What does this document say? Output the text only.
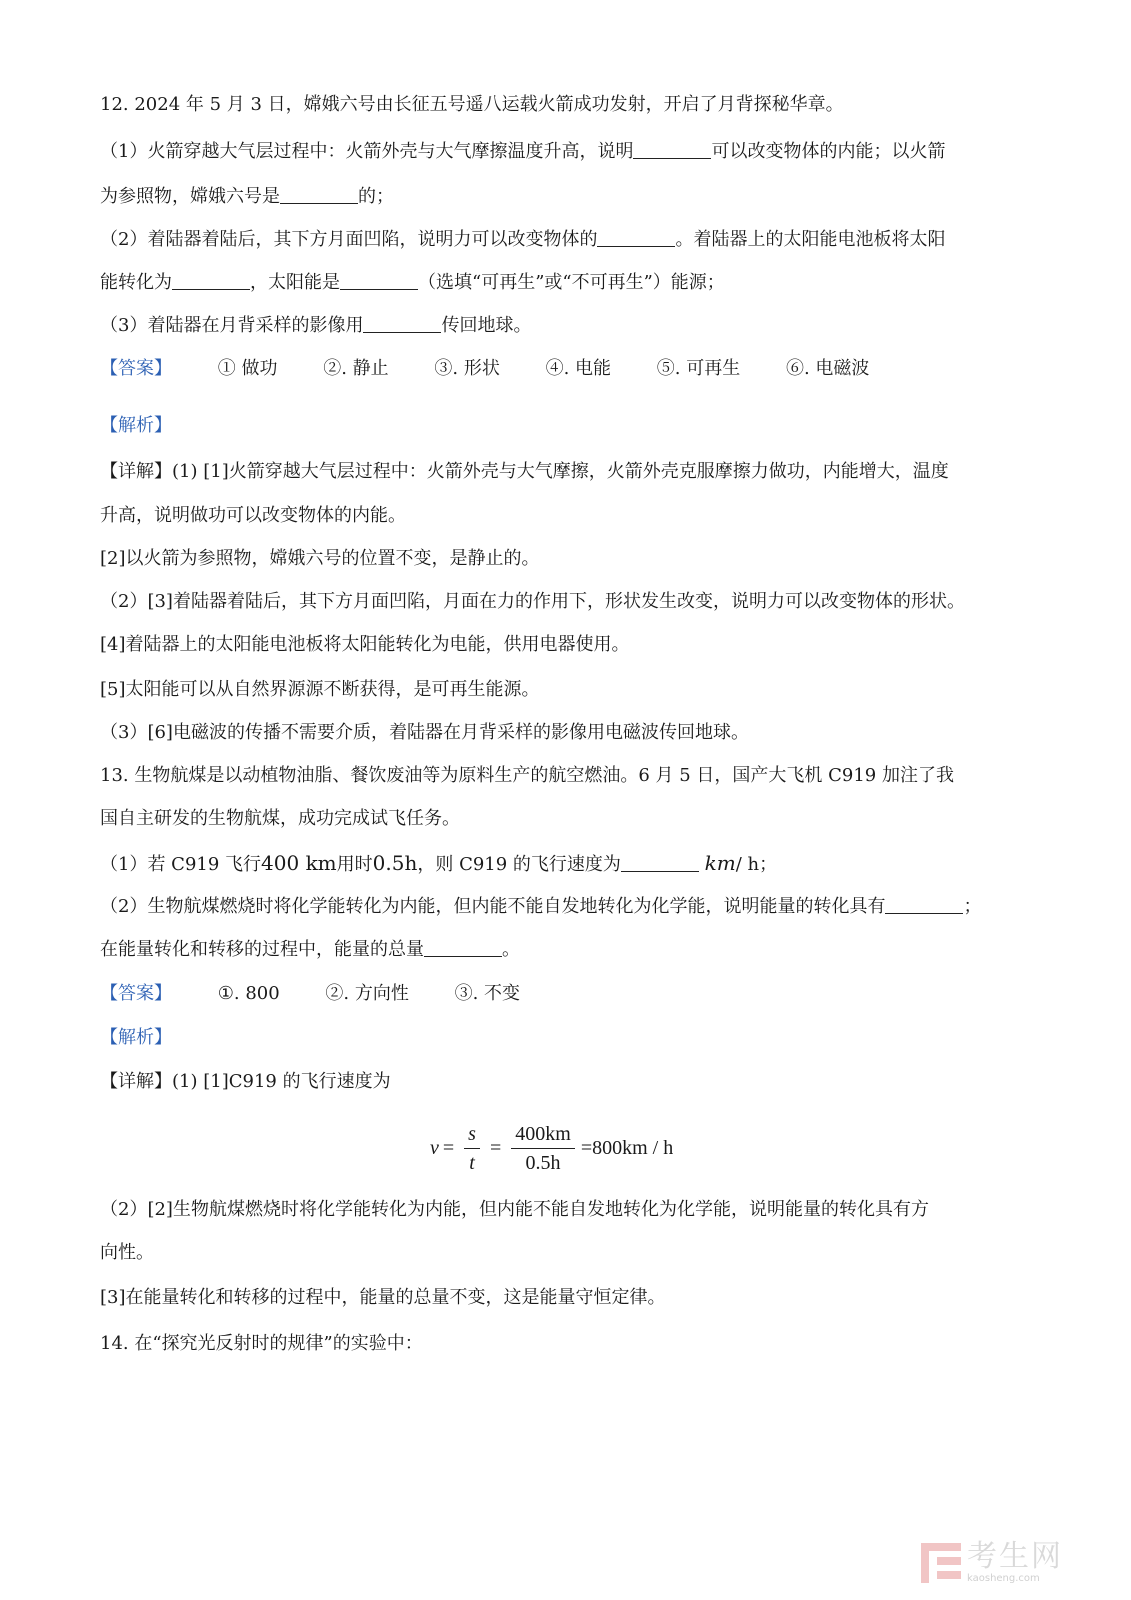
12. 2024 年 5 月 3 日，嫦娥六号由长征五号遥八运载火箭成功发射，开启了月背探秘华章。
（1）火箭穿越大气层过程中：火箭外壳与大气摩擦温度升高，说明	可以改变物体的内能；以火箭
为参照物，嫦娥六号是	的；
（2）着陆器着陆后，其下方月面凹陷，说明力可以改变物体的	。着陆器上的太阳能电池板将太阳
能转化为	，太阳能是	（选填“可再生”或“不可再生”）能源；
（3）着陆器在月背采样的影像用	传回地球。
【答案】	① 做功	②. 静止	③. 形状	④. 电能	⑤. 可再生	⑥. 电磁波
【解析】
【详解】(1) [1]火箭穿越大气层过程中：火箭外壳与大气摩擦，火箭外壳克服摩擦力做功，内能增大，温度
升高，说明做功可以改变物体的内能。
[2]以火箭为参照物，嫦娥六号的位置不变，是静止的。
（2）[3]着陆器着陆后，其下方月面凹陷，月面在力的作用下，形状发生改变，说明力可以改变物体的形状。
[4]着陆器上的太阳能电池板将太阳能转化为电能，供用电器使用。
[5]太阳能可以从自然界源源不断获得，是可再生能源。
（3）[6]电磁波的传播不需要介质，着陆器在月背采样的影像用电磁波传回地球。
13. 生物航煤是以动植物油脂、餐饮废油等为原料生产的航空燃油。6 月 5 日，国产大飞机 C919 加注了我
国自主研发的生物航煤，成功完成试飞任务。
（1）若 C919 飞行400 km用时0.5h，则 C919 的飞行速度为	km/ h；
（2）生物航煤燃烧时将化学能转化为内能，但内能不能自发地转化为化学能，说明能量的转化具有	；
在能量转化和转移的过程中，能量的总量	。
【答案】	①. 800	②. 方向性	③. 不变
【解析】
【详解】(1) [1]C919 的飞行速度为
$v = \frac{s}{t} = \frac{400km}{0.5h} =800km / h$
（2）[2]生物航煤燃烧时将化学能转化为内能，但内能不能自发地转化为化学能，说明能量的转化具有方
向性。
[3]在能量转化和转移的过程中，能量的总量不变，这是能量守恒定律。
14. 在“探究光反射时的规律”的实验中：
考生网
kaosheng.com
